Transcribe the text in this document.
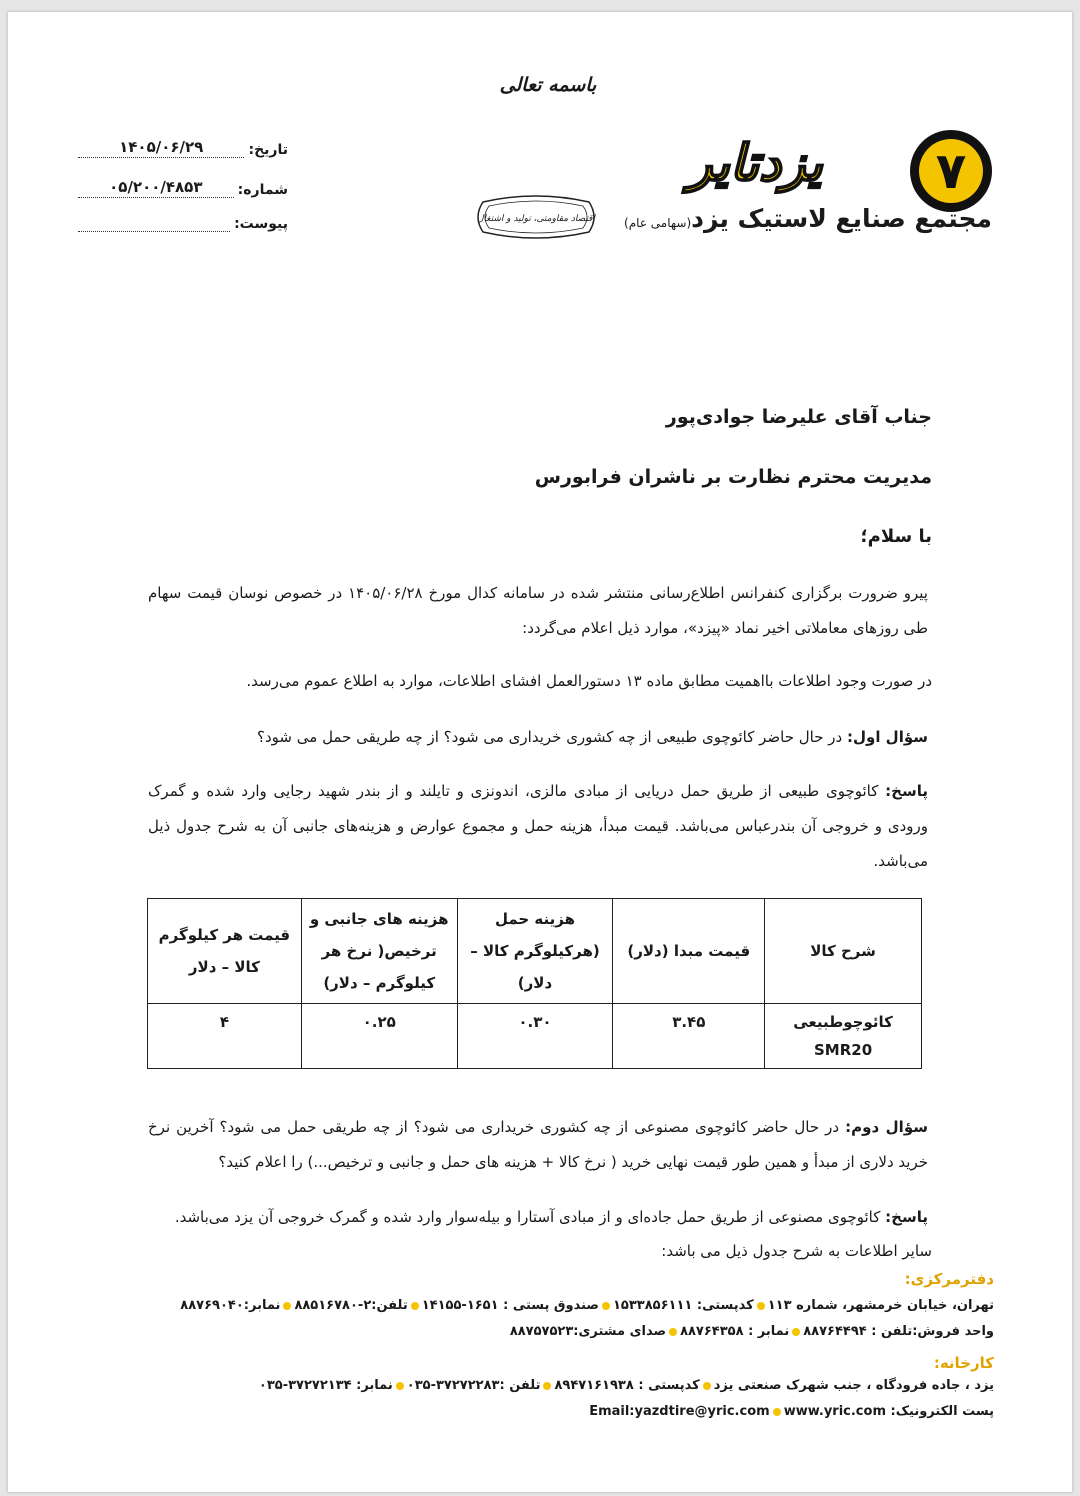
باسمه تعالی
تاریخ:
۱۴۰۵/۰۶/۲۹
شماره:
۰۵/۲۰۰/۴۸۵۳
پیوست:	اقتصاد مقاومتی، تولید و اشتغال
یزدتایر	۷
مجتمع صنایع لاستیک یزد(سهامی عام)
جناب آقای علیرضا جوادی‌پور
مدیریت محترم نظارت بر ناشران فرابورس
با سلام؛
پیرو ضرورت برگزاری کنفرانس اطلاع‌رسانی منتشر شده در سامانه کدال مورخ ۱۴۰۵/۰۶/۲۸ در خصوص نوسان قیمت سهام طی روزهای معاملاتی اخیر نماد «پیزد»، موارد ذیل اعلام می‌گردد:
در صورت وجود اطلاعات بااهمیت مطابق ماده ۱۳ دستورالعمل افشای اطلاعات، موارد به اطلاع عموم می‌رسد.
سؤال اول: در حال حاضر کائوچوی طبیعی از چه کشوری خریداری می شود؟ از چه طریقی حمل می شود؟
پاسخ: کائوچوی طبیعی از طریق حمل دریایی از مبادی مالزی، اندونزی و تایلند و از بندر شهید رجایی وارد شده و گمرک ورودی و خروجی آن بندرعباس می‌باشد. قیمت مبدأ، هزینه حمل و مجموع عوارض و هزینه‌های جانبی آن به شرح جدول ذیل می‌باشد.
شرح کالا	قیمت مبدا (دلار)	هزینه حمل (هرکیلوگرم کالا – دلار)	هزینه های جانبی و ترخیص( نرخ هر کیلوگرم – دلار)	قیمت هر کیلوگرم کالا – دلار

کائوچوطبیعی
SMR20	۳.۴۵	۰.۳۰	۰.۲۵	۴
سؤال دوم: در حال حاضر کائوچوی مصنوعی از چه کشوری خریداری می شود؟ از چه طریقی حمل می شود؟ آخرین نرخ خرید دلاری از مبدأ و همین طور قیمت نهایی خرید ( نرخ کالا + هزینه های حمل و جانبی و ترخیص...) را اعلام کنید؟
پاسخ: کائوچوی مصنوعی از طریق حمل جاده‌ای و از مبادی آستارا و بیله‌سوار وارد شده و گمرک خروجی آن یزد می‌باشد.
سایر اطلاعات به شرح جدول ذیل می باشد:
دفترمرکزی:
تهران، خیابان خرمشهر، شماره ۱۱۳کدپستی: ۱۵۳۳۸۵۶۱۱۱صندوق پستی : ۱۶۵۱-۱۴۱۵۵تلفن:۲-۸۸۵۱۶۷۸۰نمابر:۸۸۷۶۹۰۴۰
واحد فروش:تلفن : ۸۸۷۶۴۴۹۴نمابر : ۸۸۷۶۴۳۵۸صدای مشتری:۸۸۷۵۷۵۲۳
کارخانه:
یزد ، جاده فرودگاه ، جنب شهرک صنعتی یزدکدپستی : ۸۹۴۷۱۶۱۹۳۸تلفن :۳۷۲۷۲۲۸۳-۰۳۵نمابر: ۳۷۲۷۲۱۳۴-۰۳۵
پست الکترونیک: Email:yazdtire@yric.com www.yric.com
